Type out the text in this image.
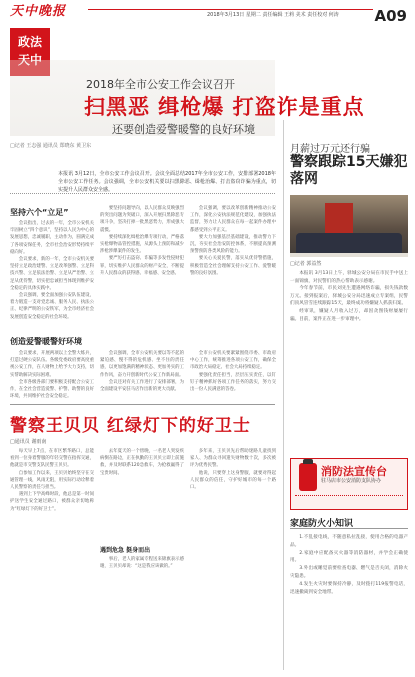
天中晚报	2018年3月13日 星期二 责任编辑 王莉 美术 责任校对 何涛 A09
政法
天中
2018年全市公安工作会议召开
扫黑恶 缉枪爆 打盗诈是重点
还要创造爱警暖警的良好环境
□记者 王志强 通讯员 郑晓东 黄卫东
本报讯 3月12日，全市公安工作会议召开。会议全面总结2017年全市公安工作，安排部署2018年全市公安工作任务。会议强调，全市公安机关要以扫黑除恶、缉枪治爆、打击盗窃诈骗为重点，切实提升人民群众安全感。
坚持六个“立足”

会议指出，过去的一年，全市公安机关牢固树立“四个意识”，坚持以人民为中心的发展思想，忠诚履职，主动作为，圆满完成了各项安保任务，全市社会治安形势持续平稳向好。

会议要求，新的一年，全市公安机关要坚持立足政治建警、立足改革强警、立足科技兴警、立足依法治警、立足从严治警、立足从优待警，切实把忠诚担当体现到维护安全稳定的具体实践中。

会议强调，要全面加强公安队伍建设，着力锻造一支对党忠诚、服务人民、执法公正、纪律严明的公安铁军，为全市经济社会发展创造安全稳定的社会环境。

要坚持问题导向，以人民群众反映强烈的突出问题为突破口，深入开展扫黑除恶专项斗争，坚决打掉一批黑恶势力，形成强大震慑。

要持续深化缉枪治爆专项行动，严格落实枪爆物品管控措施，从源头上预防和减少涉枪涉爆案件的发生。

要严厉打击盗窃、诈骗等多发性侵财犯罪，切实维护人民群众的财产安全，不断提升人民群众的获得感、幸福感、安全感。

会议强调，要以改革创新精神推动公安工作，深化公安执法规范化建设，加强执法监督，努力让人民群众在每一起案件办理中都感受到公平正义。

要大力加强基层基础建设，推动警力下沉，夯实社会治安防控体系，不断提高预测预警预防各类风险的能力。

要关心关爱民警，落实从优待警措施，积极营造全社会理解支持公安工作、爱警暖警的良好氛围。

创造爱警暖警好环境

会议要求，开展两项以上全警大练兵，打造过硬公安队伍。各级党委政府要高度重视公安工作，在人财物上给予大力支持，切实帮助解决实际困难。

全市各级各部门要积极支持配合公安工作，在全社会营造爱警、护警、助警的良好环境，共同维护社会安全稳定。

会议强调，全市公安机关要以等不起的紧迫感、慢不得的危机感、坐不住的责任感，以更加饱满的精神状态、更加务实的工作作风，奋力开创新时代公安工作新局面。

会议还对有关工作进行了安排部署，为全面建设平安驻马店作出新的更大贡献。

全市公安机关要紧紧围绕市委、市政府中心工作，统筹推进各项公安工作，确保全市政治大局稳定、社会大局持续稳定。

要强化责任担当，层层压实责任，以钉钉子精神抓好各项工作任务的落实，努力交出一份人民满意的答卷。

警察王贝贝 红绿灯下的好卫士
□通讯员 谢雨南

每天早上7点，在市区繁华路口，总能看到一位身着警服的年轻交警在指挥交通，他就是市交警支队民警王贝贝。

自参加工作以来，王贝贝始终坚守在交通管理一线，风雨无阻，用实际行动诠释着人民警察的责任与担当。

遇到上下学高峰时段，他总是第一时间护送学生安全通过路口，被群众亲切地称为“红绿灯下的好卫士”。

遇到危急 挺身而出

去年夏天的一个傍晚，一名老人突发疾病倒在路边，正在执勤的王贝贝立即上前施救，并及时联系120急救车，为抢救赢得了宝贵时间。

事后，老人的家属专程送来锦旗表示感谢，王贝贝却说：“这是我应该做的。”

多年来，王贝贝先后帮助迷路儿童找到家人、为群众寻回遗失财物数十次，多次被评为优秀民警。

他说，只要穿上这身警服，就要对得起人民群众的信任，守护好城市的每一个路口。

月薪过万元还行骗
警察跟踪15天嫌犯落网
□记者 郭益然

本报讯 3月13日上午，驿城公安分局在市民手中送上一面锦旗，对民警们的热心帮助表示感谢。

今年春节前，市民刘先生遭遇网络诈骗，损失钱款数万元。接到报案后，驿城公安分局迅速成立专案组，民警们顶风冒雪连续跟踪15天，最终成功将嫌疑人抓获归案。

经审讯，嫌疑人月收入过万，却因贪图钱财屡屡行骗。目前，案件正在进一步审理中。

消防法宣传台
驻马店市公安消防支队协办
家庭防火小知识

1.不乱接电线，不随意私拉乱接，使用合格的电器产品。

2.家庭中应配备灭火器等消防器材，并学会正确使用。

3.外出或睡觉前要检查电器、燃气是否关闭，消除火灾隐患。

4.发生火灾时要保持冷静，及时拨打119报警电话，迅速撤离到安全地带。
